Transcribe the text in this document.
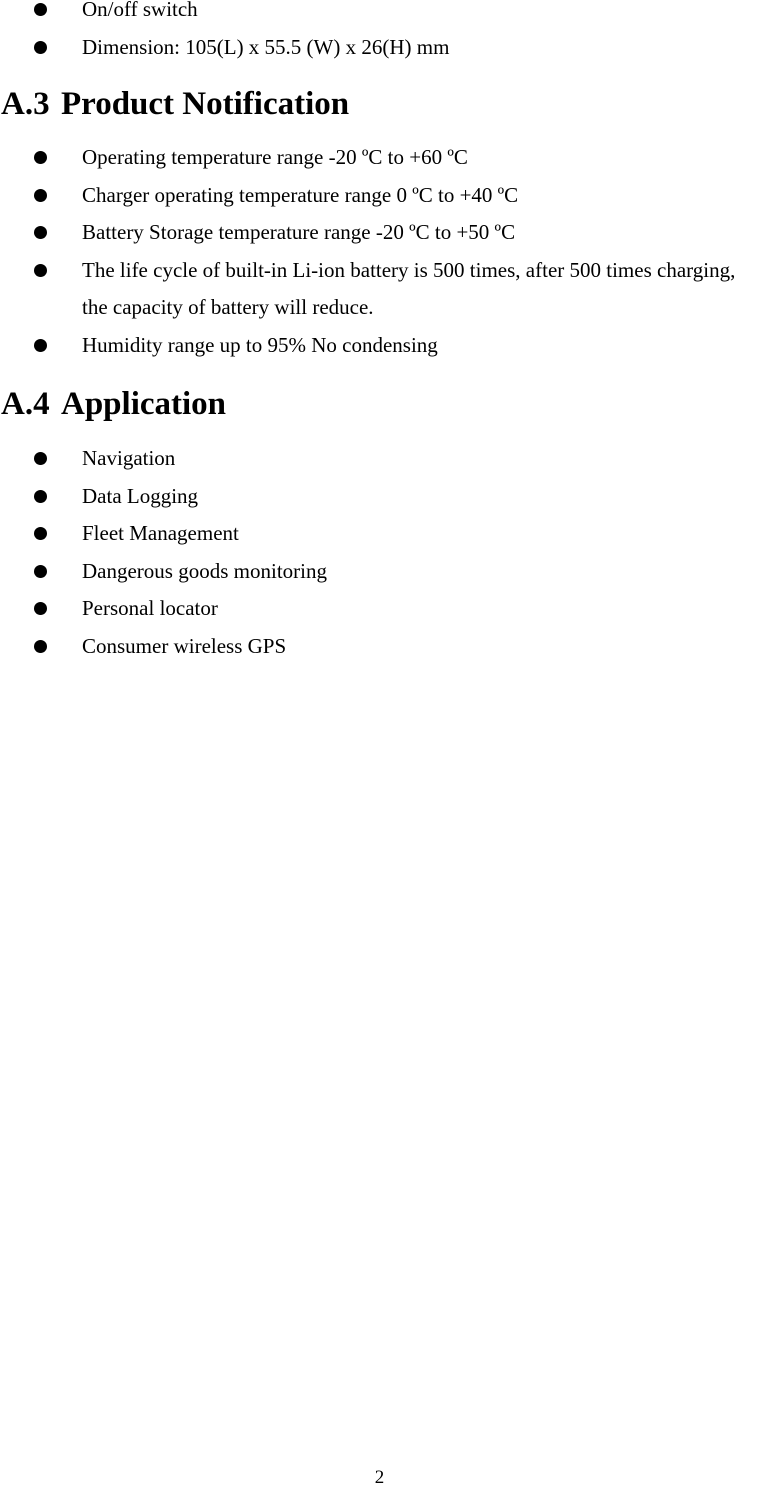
On/off switch
Dimension: 105(L) x 55.5 (W) x 26(H) mm
A.3 Product Notification
Operating temperature range -20 ºC to +60 ºC
Charger operating temperature range 0 ºC to +40 ºC
Battery Storage temperature range -20 ºC to +50 ºC
The life cycle of built-in Li-ion battery is 500 times, after 500 times charging, the capacity of battery will reduce.
Humidity range up to 95% No condensing
A.4 Application
Navigation
Data Logging
Fleet Management
Dangerous goods monitoring
Personal locator
Consumer wireless GPS
2
